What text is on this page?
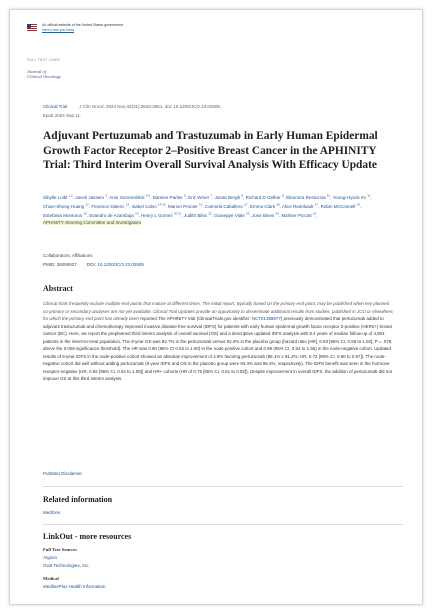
An official website of the United States government
Here's how you know
FULL TEXT LINKS
Journal of
Clinical Oncology
Clinical Trial	J Clin Oncol. 2024 Nov;42(31):3643-3651. doi: 10.1200/JCO.23.02505.
Epub 2024 Sep 11.
Adjuvant Pertuzumab and Trastuzumab in Early Human Epidermal Growth Factor Receptor 2–Positive Breast Cancer in the APHINITY Trial: Third Interim Overall Survival Analysis With Efficacy Update
Sibylle Loibl $^{1 2}$, Jacek Jassem $^3$, Amir Sonnenblick $^{4 5}$, Damien Parlier $^6$, Eric Winer $^7$, Jonas Bergh $^8$, Richard D Gelber $^9$, Eleonora Restuccia $^{10}$, Young-Hyuck Im $^{11}$, Chiun-Sheng Huang $^{12}$, Florence Dalenc $^{13}$, Isabel Calvo $^{14 15}$, Marion Procter $^{16}$, Carmela Caballero $^{17}$, Emma Clark $^{18}$, Alice Raimbault $^{17}$, Robin McConnell $^{19}$, Estefania Monturus $^{10}$, Evandro de Azambuja $^{20}$, Henry L Gomez $^{20 21}$, Judith Bliss $^{22}$, Giuseppe Viale $^{23}$, Jose Bines $^{24}$, Martine Piccart $^{19}$, APHINITY Steering Committee and Investigators
Collaborators, Affiliations
PMID: 39259927 DOI: 10.1200/JCO.23.02505
Abstract
Clinical trials frequently include multiple end points that mature at different times. The initial report, typically based on the primary end point, may be published when key planned co-primary or secondary analyses are not yet available. Clinical Trial Updates provide an opportunity to disseminate additional results from studies, published in JCO or elsewhere, for which the primary end point has already been reported.The APHINITY trial (ClinicalTrials.gov identifier: NCT01358877) previously demonstrated that pertuzumab added to adjuvant trastuzumab and chemotherapy improved invasive disease-free survival (IDFS) for patients with early human epidermal growth factor receptor 2-positive (HER2+) breast cancer (BC). Here, we report the preplanned third interim analysis of overall survival (OS) and a descriptive updated IDFS analysis with 8.4 years of median follow-up of 4,804 patients in the intent-to-treat population. The 8-year OS was 92.7% in the pertuzumab versus 92.0% in the placebo group (hazard ratio [HR], 0.83 [95% CI, 0.68 to 1.02]; P = .078, above the 0.006 significance threshold). The HR was 0.80 (95% CI 0.63 to 1.00) in the node-positive cohort and 0.99 (95% CI, 0.64 to 1.55) in the node-negative cohort. Updated results of 8-year IDFS in the node-positive cohort showed an absolute improvement of 4.9% favoring pertuzumab (86.1% v 81.2%; HR, 0.72 [95% CI, 0.60 to 0.87]). The node-negative cohort did well without adding pertuzumab (8-year IDFS and OS in the placebo group were 93.3% and 96.4%, respectively). The IDFS benefit was seen in the hormone receptor-negative (HR, 0.82 [95% CI, 0.64 to 1.06]) and HR+ cohorts (HR of 0.75 [95% CI, 0.61 to 0.92]). Despite improvement in overall IDFS, the addition of pertuzumab did not improve OS at this third interim analysis.
PubMed Disclaimer
Related information
MedGen
LinkOut - more resources
Full Text Sources
Atypon
Ovid Technologies, Inc.
Medical
MedlinePlus Health Information
